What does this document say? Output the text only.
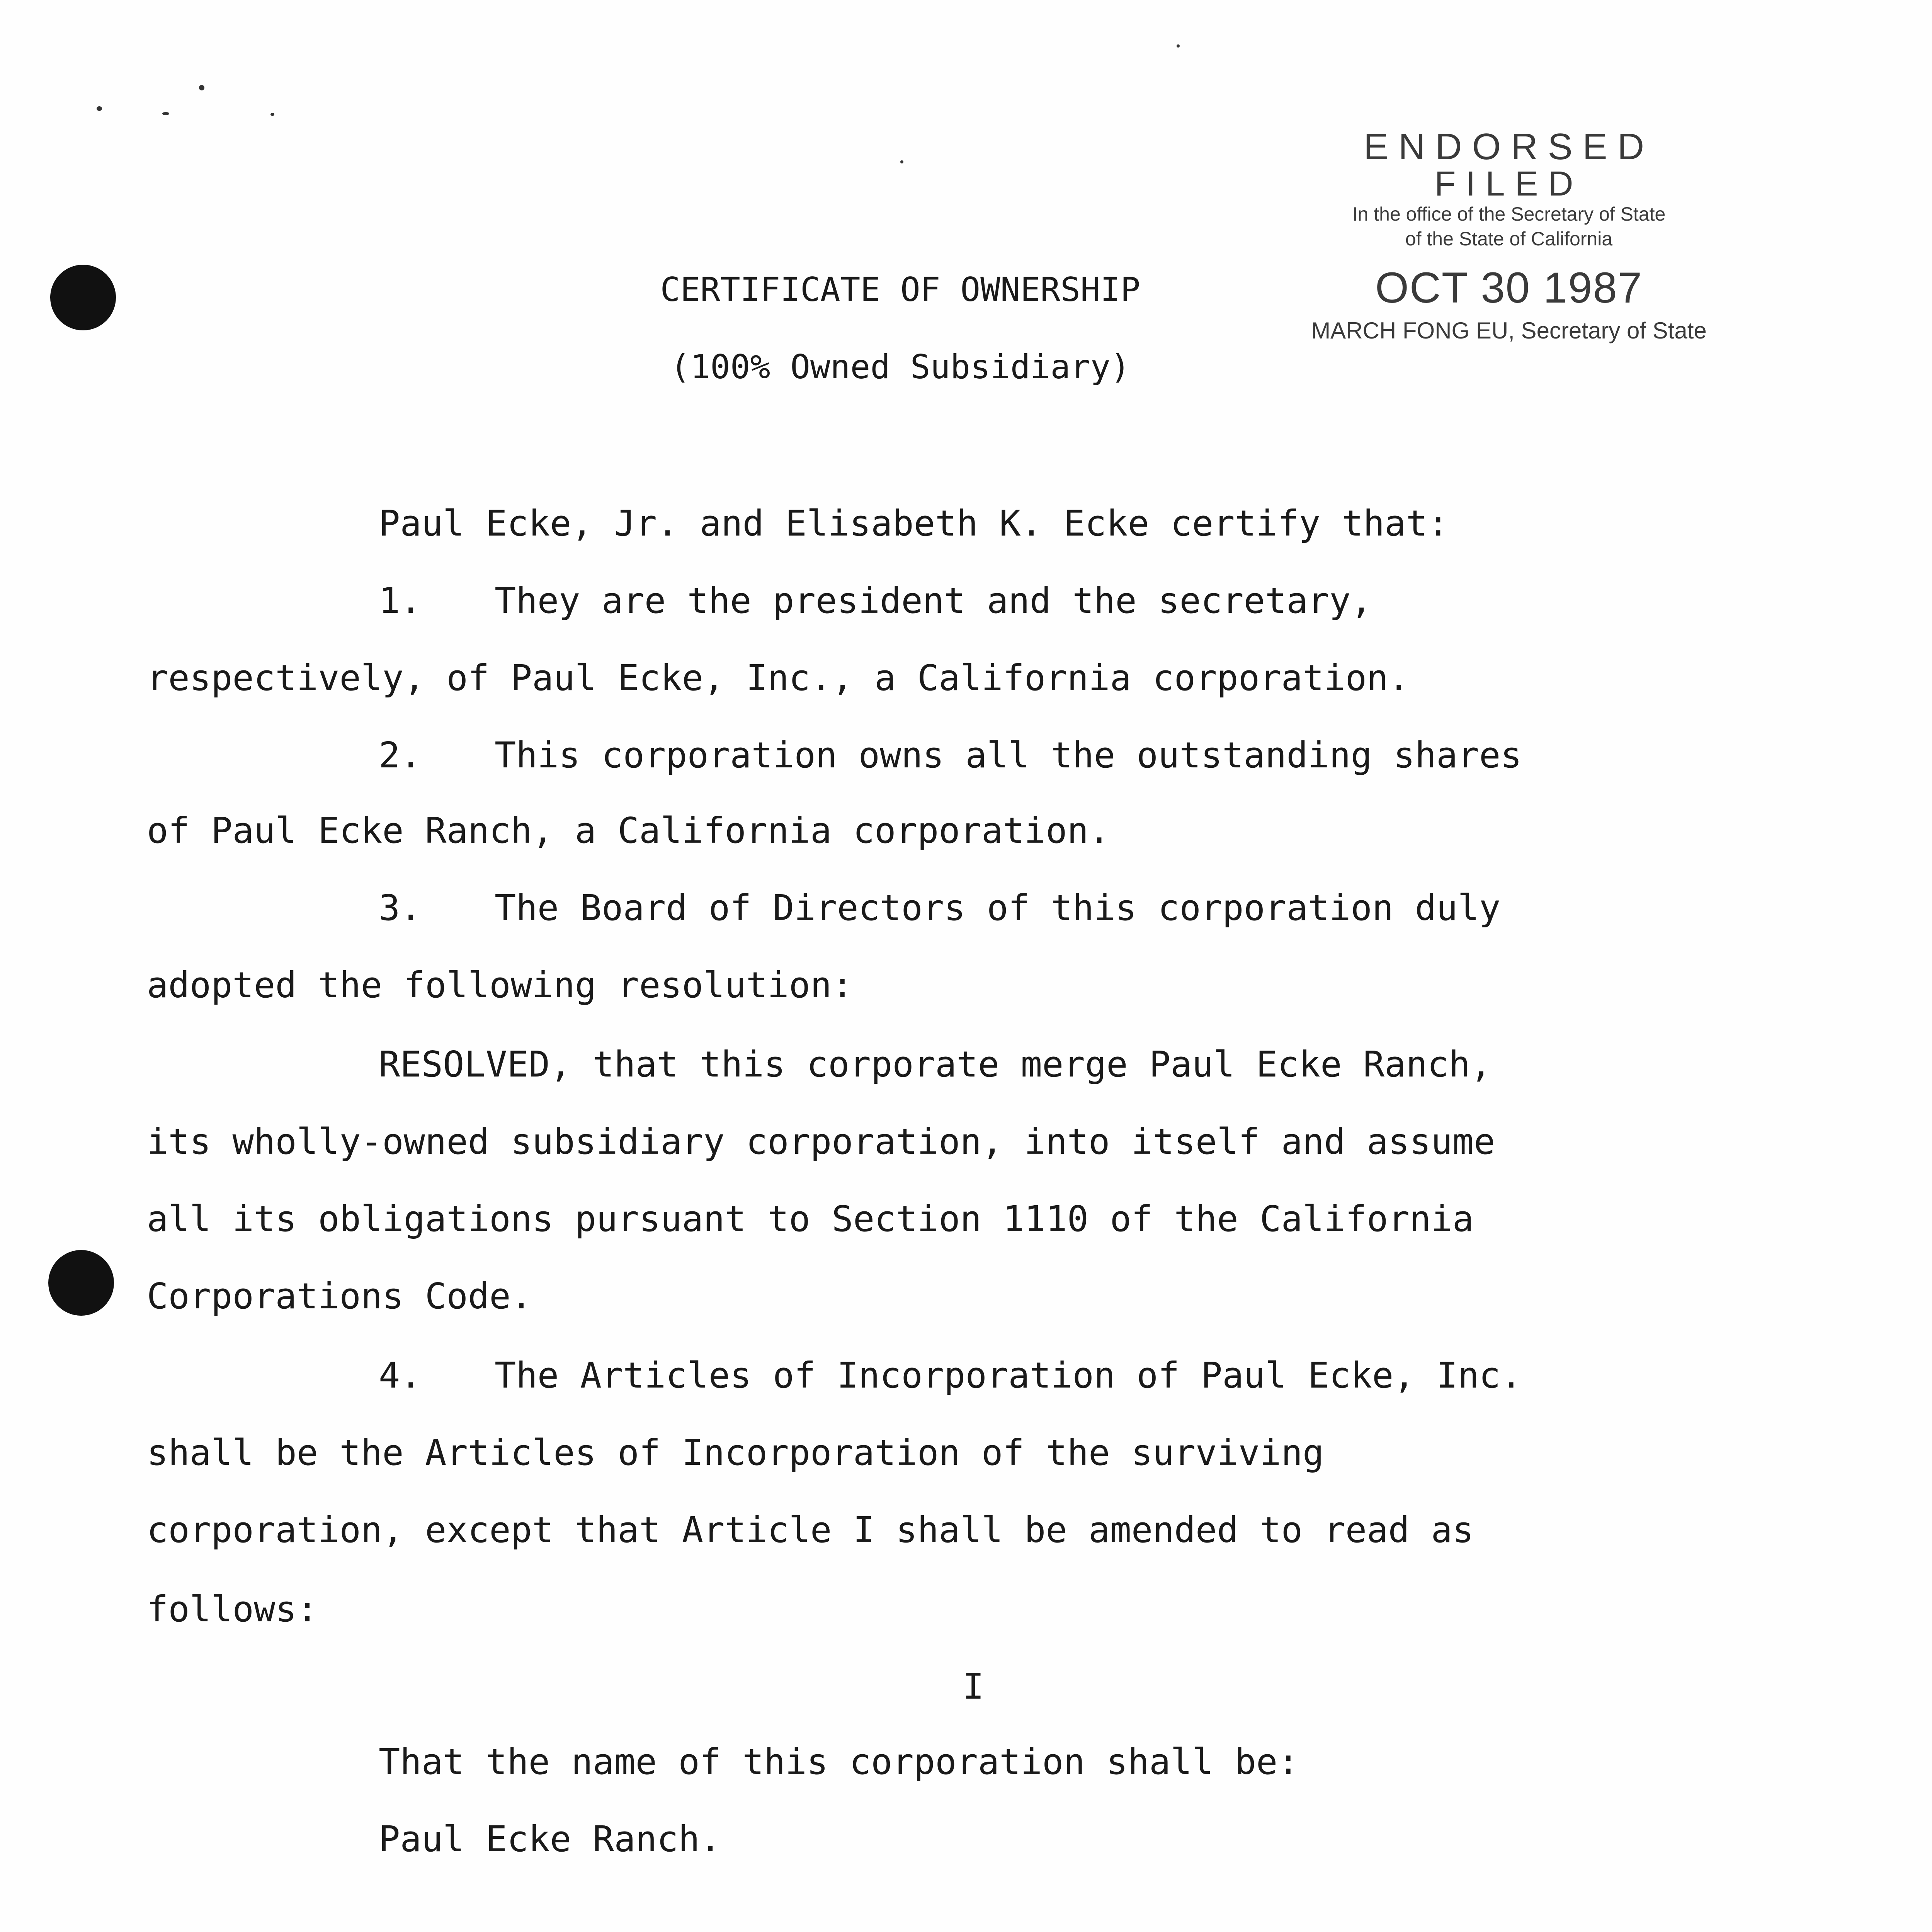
ENDORSED
FILED
In the office of the Secretary of State
of the State of California
OCT 30 1987
MARCH FONG EU, Secretary of State
CERTIFICATE OF OWNERSHIP
(100% Owned Subsidiary)
Paul Ecke, Jr. and Elisabeth K. Ecke certify that:
1. They are the president and the secretary,
respectively, of Paul Ecke, Inc., a California corporation.
2. This corporation owns all the outstanding shares
of Paul Ecke Ranch, a California corporation.
3. The Board of Directors of this corporation duly
adopted the following resolution:
RESOLVED, that this corporate merge Paul Ecke Ranch,
its wholly-owned subsidiary corporation, into itself and assume
all its obligations pursuant to Section 1110 of the California
Corporations Code.
4. The Articles of Incorporation of Paul Ecke, Inc.
shall be the Articles of Incorporation of the surviving
corporation, except that Article I shall be amended to read as
follows:
I
That the name of this corporation shall be:
Paul Ecke Ranch.
